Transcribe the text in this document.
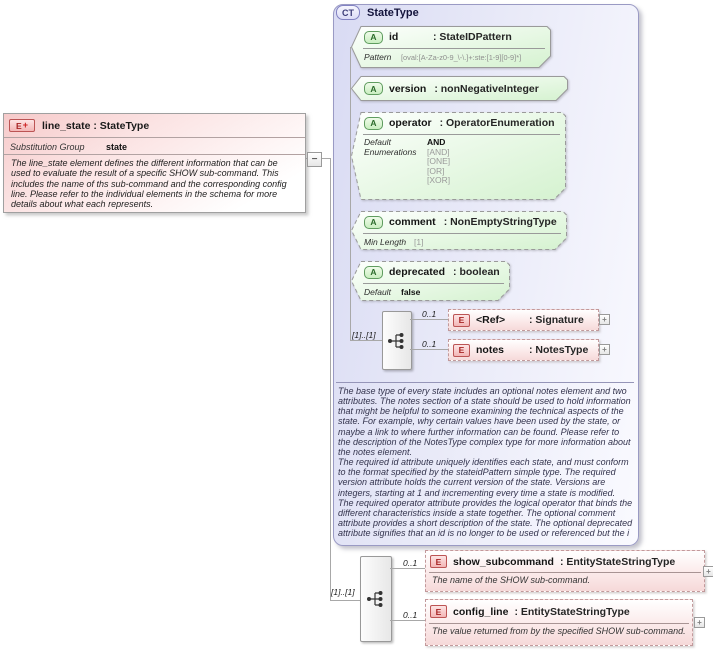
E + line_state : StateType
Substitution Group	state
The line_state element defines the different information that can be used to evaluate the result of a specific SHOW sub-command. This includes the name of ths sub-command and the corresponding config line. Please refer to the individual elements in the schema for more details about what each represents.
−
CT	StateType
A	id	: StateIDPattern
Pattern	[oval:[A-Za-z0-9_\-\.]+:ste:[1-9][0-9]*]
A	version : nonNegativeInteger
A	operator : OperatorEnumeration
Default
Enumerations
AND
[AND]
[ONE]
[OR]
[XOR]
A	comment : NonEmptyStringType
Min Length [1]
A	deprecated : boolean
Default	false
[1]..[1]
0..1
0..1
E	<Ref>	: Signature +
E	notes	: NotesType +
The base type of every state includes an optional notes element and two attributes. The notes section of a state should be used to hold information that might be helpful to someone examining the technical aspects of the state. For example, why certain values have been used by the state, or maybe a link to where further information can be found. Please refer to the description of the NotesType complex type for more information about the notes element.
The required id attribute uniquely identifies each state, and must conform to the format specified by the stateidPattern simple type. The required version attribute holds the current version of the state. Versions are integers, starting at 1 and incrementing every time a state is modified. The required operator attribute provides the logical operator that binds the different characteristics inside a state together. The optional comment attribute provides a short description of the state. The optional deprecated attribute signifies that an id is no longer to be used or referenced but the i
[1]..[1]
0..1
0..1
E	show_subcommand : EntityStateStringType
The name of the SHOW sub-command.
+
E	config_line : EntityStateStringType
The value returned from by the specified SHOW sub-command.
+
